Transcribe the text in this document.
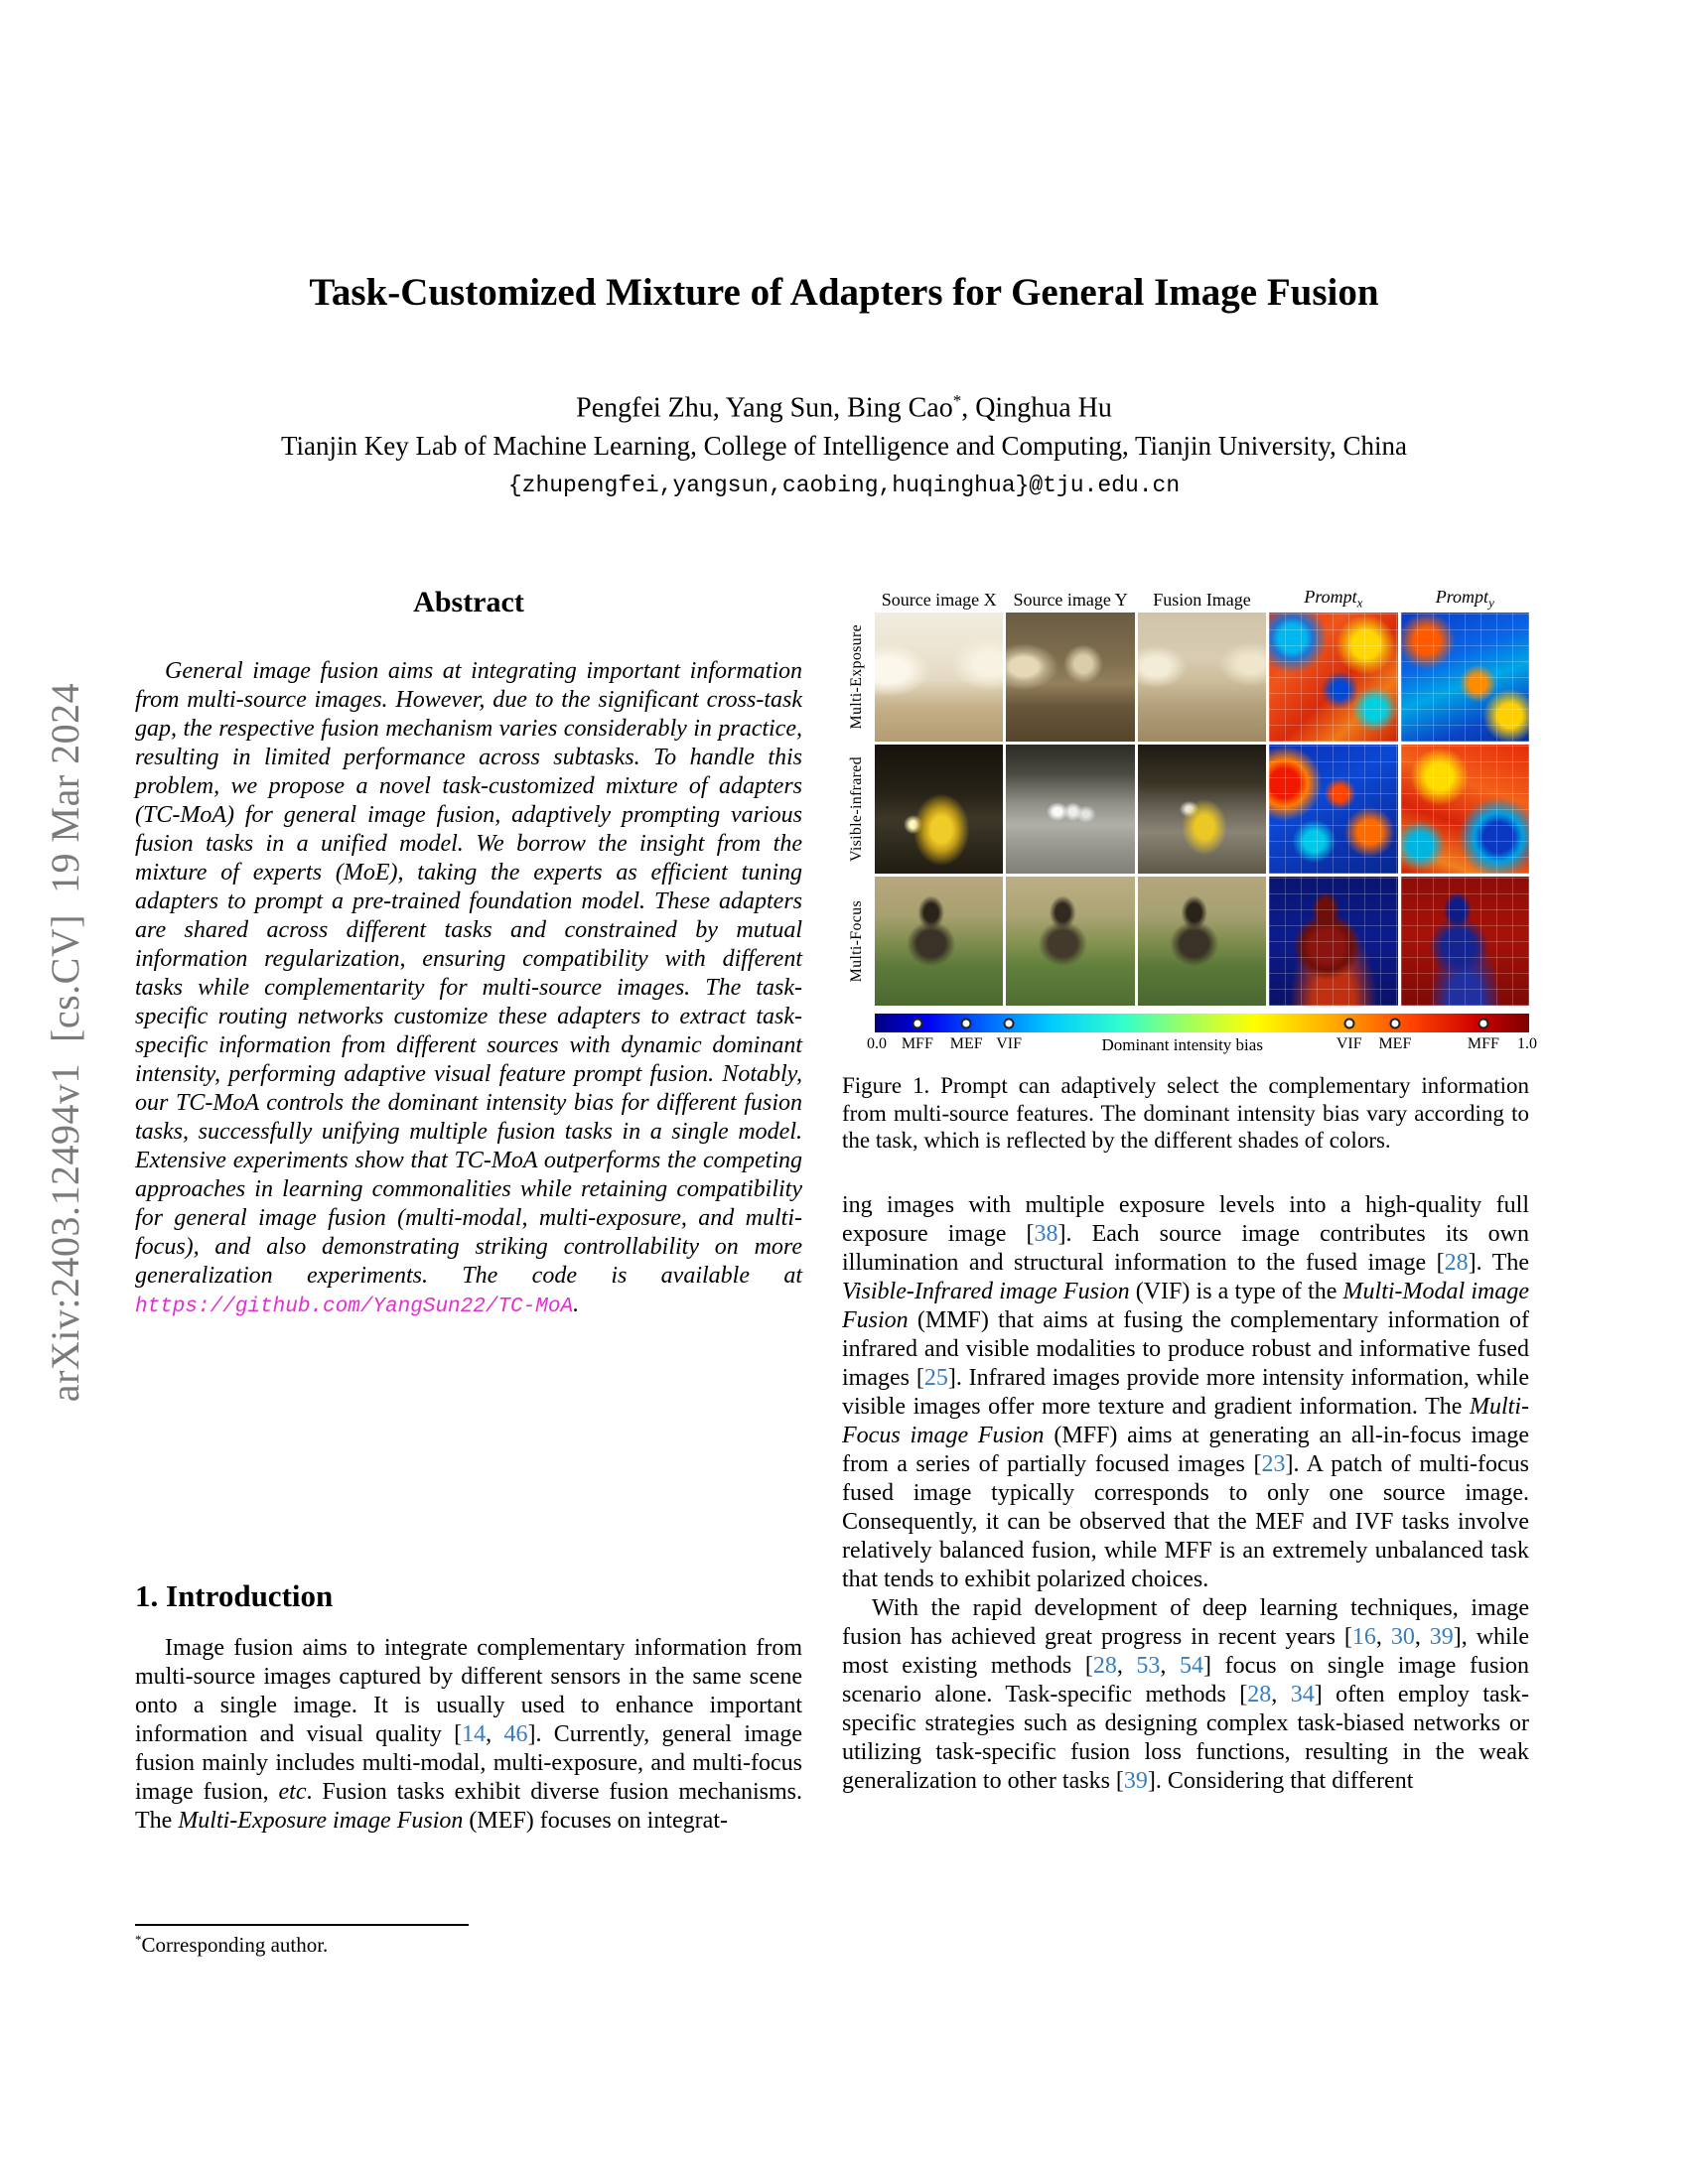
arXiv:2403.12494v1  [cs.CV]  19 Mar 2024
Task-Customized Mixture of Adapters for General Image Fusion
Pengfei Zhu, Yang Sun, Bing Cao*, Qinghua Hu
Tianjin Key Lab of Machine Learning, College of Intelligence and Computing, Tianjin University, China
{zhupengfei,yangsun,caobing,huqinghua}@tju.edu.cn
Abstract

General image fusion aims at integrating important information from multi-source images. However, due to the significant cross-task gap, the respective fusion mechanism varies considerably in practice, resulting in limited performance across subtasks. To handle this problem, we propose a novel task-customized mixture of adapters (TC-MoA) for general image fusion, adaptively prompting various fusion tasks in a unified model. We borrow the insight from the mixture of experts (MoE), taking the experts as efficient tuning adapters to prompt a pre-trained foundation model. These adapters are shared across different tasks and constrained by mutual information regularization, ensuring compatibility with different tasks while complementarity for multi-source images. The task-specific routing networks customize these adapters to extract task-specific information from different sources with dynamic dominant intensity, performing adaptive visual feature prompt fusion. Notably, our TC-MoA controls the dominant intensity bias for different fusion tasks, successfully unifying multiple fusion tasks in a single model. Extensive experiments show that TC-MoA outperforms the competing approaches in learning commonalities while retaining compatibility for general image fusion (multi-modal, multi-exposure, and multi-focus), and also demonstrating striking controllability on more generalization experiments. The code is available at https://github.com/YangSun22/TC-MoA.

1. Introduction

Image fusion aims to integrate complementary information from multi-source images captured by different sensors in the same scene onto a single image. It is usually used to enhance important information and visual quality [14, 46]. Currently, general image fusion mainly includes multi-modal, multi-exposure, and multi-focus image fusion, etc. Fusion tasks exhibit diverse fusion mechanisms. The Multi-Exposure image Fusion (MEF) focuses on integrat-

*Corresponding author.
Source image X Source image Y	Fusion Image	Prompt$_x$	Prompt$_y$
Multi-Exposure
Visible-infrared
Multi-Focus
0.0	Dominant intensity bias	1.0
MFF MEF VIF	VIF MEF	MFF
Figure 1. Prompt can adaptively select the complementary information from multi-source features. The dominant intensity bias vary according to the task, which is reflected by the different shades of colors.

ing images with multiple exposure levels into a high-quality full exposure image [38]. Each source image contributes its own illumination and structural information to the fused image [28]. The Visible-Infrared image Fusion (VIF) is a type of the Multi-Modal image Fusion (MMF) that aims at fusing the complementary information of infrared and visible modalities to produce robust and informative fused images [25]. Infrared images provide more intensity information, while visible images offer more texture and gradient information. The Multi-Focus image Fusion (MFF) aims at generating an all-in-focus image from a series of partially focused images [23]. A patch of multi-focus fused image typically corresponds to only one source image. Consequently, it can be observed that the MEF and IVF tasks involve relatively balanced fusion, while MFF is an extremely unbalanced task that tends to exhibit polarized choices.

With the rapid development of deep learning techniques, image fusion has achieved great progress in recent years [16, 30, 39], while most existing methods [28, 53, 54] focus on single image fusion scenario alone. Task-specific methods [28, 34] often employ task-specific strategies such as designing complex task-biased networks or utilizing task-specific fusion loss functions, resulting in the weak generalization to other tasks [39]. Considering that different
